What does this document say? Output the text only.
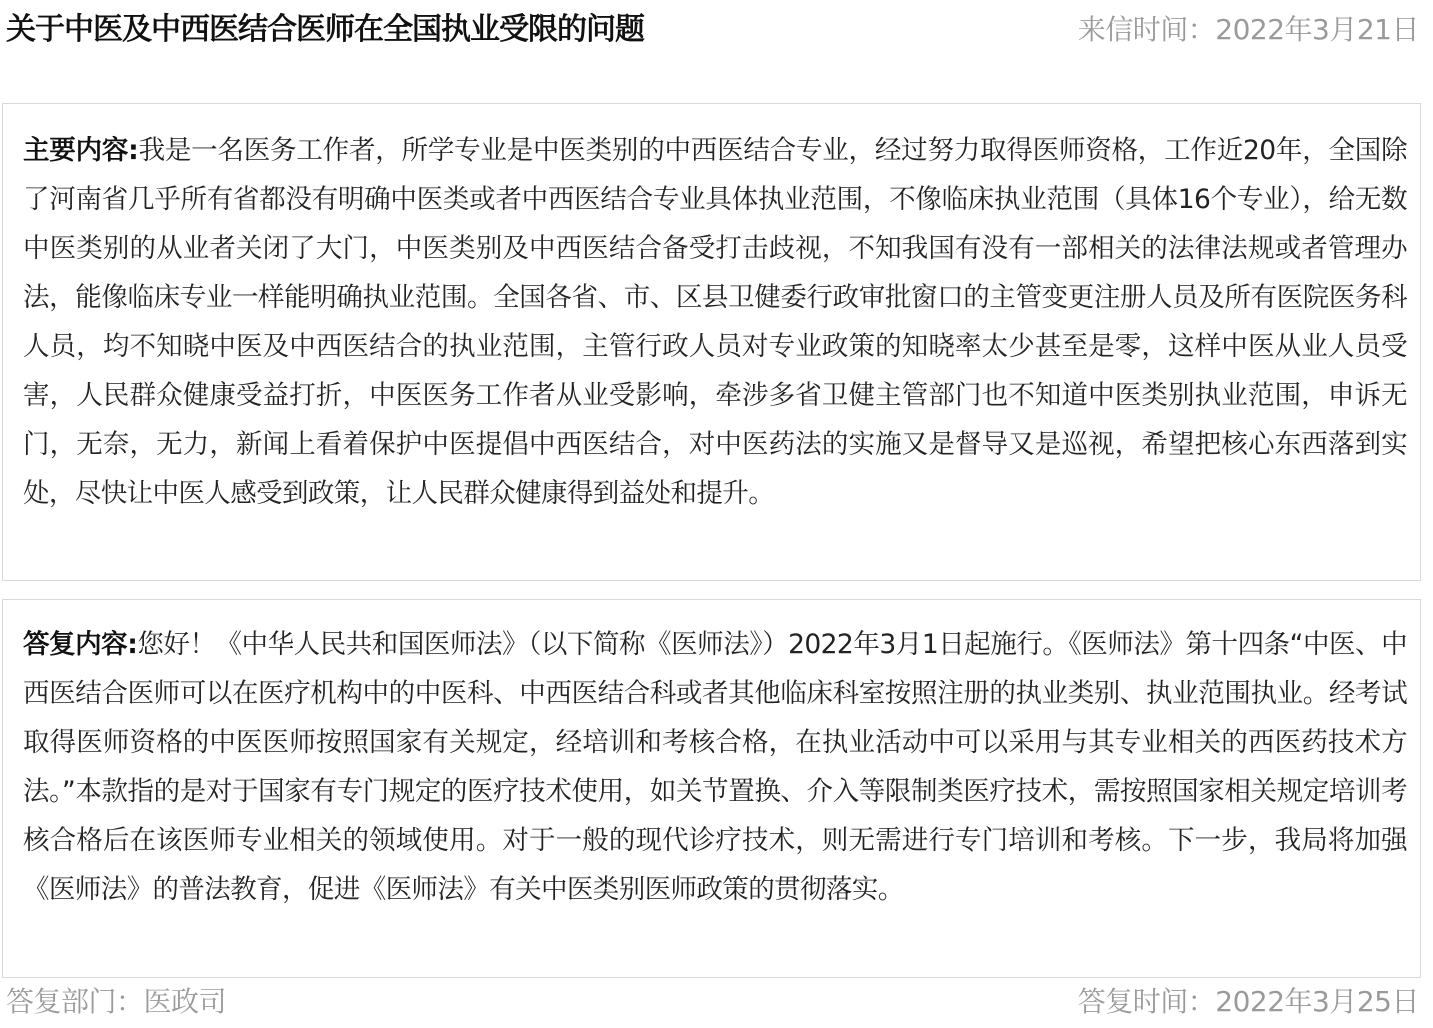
关于中医及中西医结合医师在全国执业受限的问题	来信时间：2022年3月21日
主要内容:我是一名医务工作者，所学专业是中医类别的中西医结合专业，经过努力取得医师资格，工作近20年，全国除了河南省几乎所有省都没有明确中医类或者中西医结合专业具体执业范围，不像临床执业范围（具体16个专业），给无数中医类别的从业者关闭了大门，中医类别及中西医结合备受打击歧视，不知我国有没有一部相关的法律法规或者管理办法，能像临床专业一样能明确执业范围。全国各省、市、区县卫健委行政审批窗口的主管变更注册人员及所有医院医务科人员，均不知晓中医及中西医结合的执业范围，主管行政人员对专业政策的知晓率太少甚至是零，这样中医从业人员受害，人民群众健康受益打折，中医医务工作者从业受影响，牵涉多省卫健主管部门也不知道中医类别执业范围，申诉无门，无奈，无力，新闻上看着保护中医提倡中西医结合，对中医药法的实施又是督导又是巡视，希望把核心东西落到实处，尽快让中医人感受到政策，让人民群众健康得到益处和提升。
答复内容:您好！《中华人民共和国医师法》（以下简称《医师法》）2022年3月1日起施行。《医师法》第十四条“中医、中西医结合医师可以在医疗机构中的中医科、中西医结合科或者其他临床科室按照注册的执业类别、执业范围执业。经考试取得医师资格的中医医师按照国家有关规定，经培训和考核合格，在执业活动中可以采用与其专业相关的西医药技术方法。”本款指的是对于国家有专门规定的医疗技术使用，如关节置换、介入等限制类医疗技术，需按照国家相关规定培训考核合格后在该医师专业相关的领域使用。对于一般的现代诊疗技术，则无需进行专门培训和考核。下一步，我局将加强《医师法》的普法教育，促进《医师法》有关中医类别医师政策的贯彻落实。
答复部门：医政司	答复时间：2022年3月25日
